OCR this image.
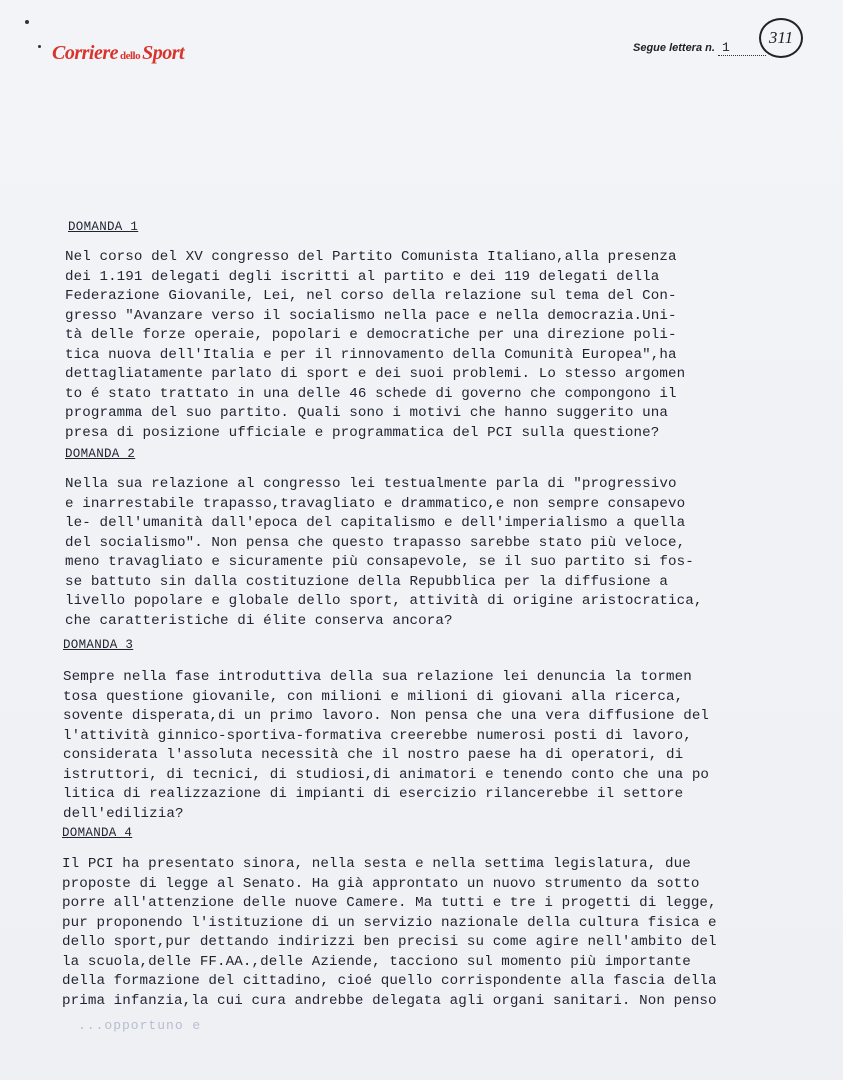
Corriere dello Sport	Segue lettera n. 1
311
DOMANDA 1

Nel corso del XV congresso del Partito Comunista Italiano,alla presenza
dei 1.191 delegati degli iscritti al partito e dei 119 delegati della
Federazione Giovanile, Lei, nel corso della relazione sul tema del Con-
gresso "Avanzare verso il socialismo nella pace e nella democrazia.Uni-
tà delle forze operaie, popolari e democratiche per una direzione poli-
tica nuova dell'Italia e per il rinnovamento della Comunità Europea",ha
dettagliatamente parlato di sport e dei suoi problemi. Lo stesso argomen
to é stato trattato in una delle 46 schede di governo che compongono il
programma del suo partito. Quali sono i motivi che hanno suggerito una
presa di posizione ufficiale e programmatica del PCI sulla questione?

DOMANDA 2

Nella sua relazione al congresso lei testualmente parla di "progressivo
e inarrestabile trapasso,travagliato e drammatico,e non sempre consapevo
le- dell'umanità dall'epoca del capitalismo e dell'imperialismo a quella
del socialismo". Non pensa che questo trapasso sarebbe stato più veloce,
meno travagliato e sicuramente più consapevole, se il suo partito si fos-
se battuto sin dalla costituzione della Repubblica per la diffusione a
livello popolare e globale dello sport, attività di origine aristocratica,
che caratteristiche di élite conserva ancora?

DOMANDA 3

Sempre nella fase introduttiva della sua relazione lei denuncia la tormen
tosa questione giovanile, con milioni e milioni di giovani alla ricerca,
sovente disperata,di un primo lavoro. Non pensa che una vera diffusione del
l'attività ginnico-sportiva-formativa creerebbe numerosi posti di lavoro,
considerata l'assoluta necessità che il nostro paese ha di operatori, di
istruttori, di tecnici, di studiosi,di animatori e tenendo conto che una po
litica di realizzazione di impianti di esercizio rilancerebbe il settore
dell'edilizia?

DOMANDA 4

Il PCI ha presentato sinora, nella sesta e nella settima legislatura, due
proposte di legge al Senato. Ha già approntato un nuovo strumento da sotto
porre all'attenzione delle nuove Camere. Ma tutti e tre i progetti di legge,
pur proponendo l'istituzione di un servizio nazionale della cultura fisica e
dello sport,pur dettando indirizzi ben precisi su come agire nell'ambito del
la scuola,delle FF.AA.,delle Aziende, tacciono sul momento più importante
della formazione del cittadino, cioé quello corrispondente alla fascia della
prima infanzia,la cui cura andrebbe delegata agli organi sanitari. Non penso

...opportuno e
